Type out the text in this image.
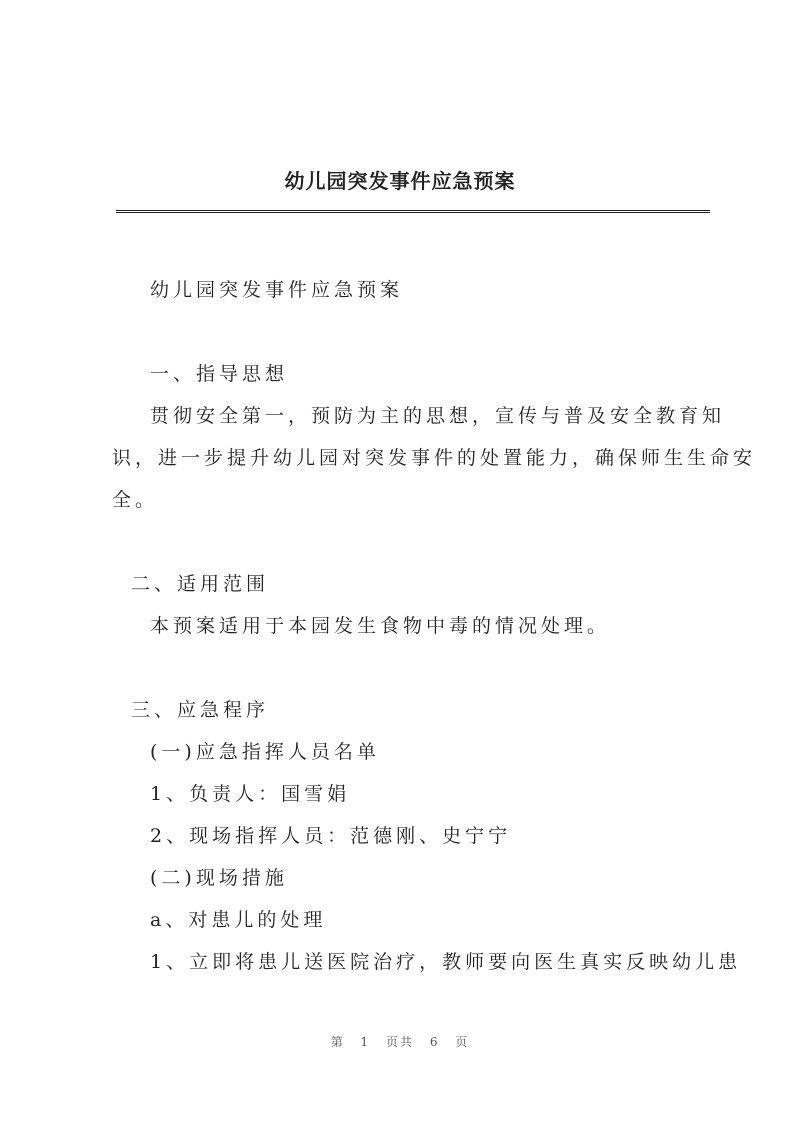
幼儿园突发事件应急预案
幼儿园突发事件应急预案
一、指导思想
贯彻安全第一，预防为主的思想，宣传与普及安全教育知
识，进一步提升幼儿园对突发事件的处置能力，确保师生生命安
全。
二、适用范围
本预案适用于本园发生食物中毒的情况处理。
三、应急程序
(一)应急指挥人员名单
1、负责人：国雪娟
2、现场指挥人员：范德刚、史宁宁
(二)现场措施
a、对患儿的处理
1、立即将患儿送医院治疗，教师要向医生真实反映幼儿患
第 1 页共 6 页
